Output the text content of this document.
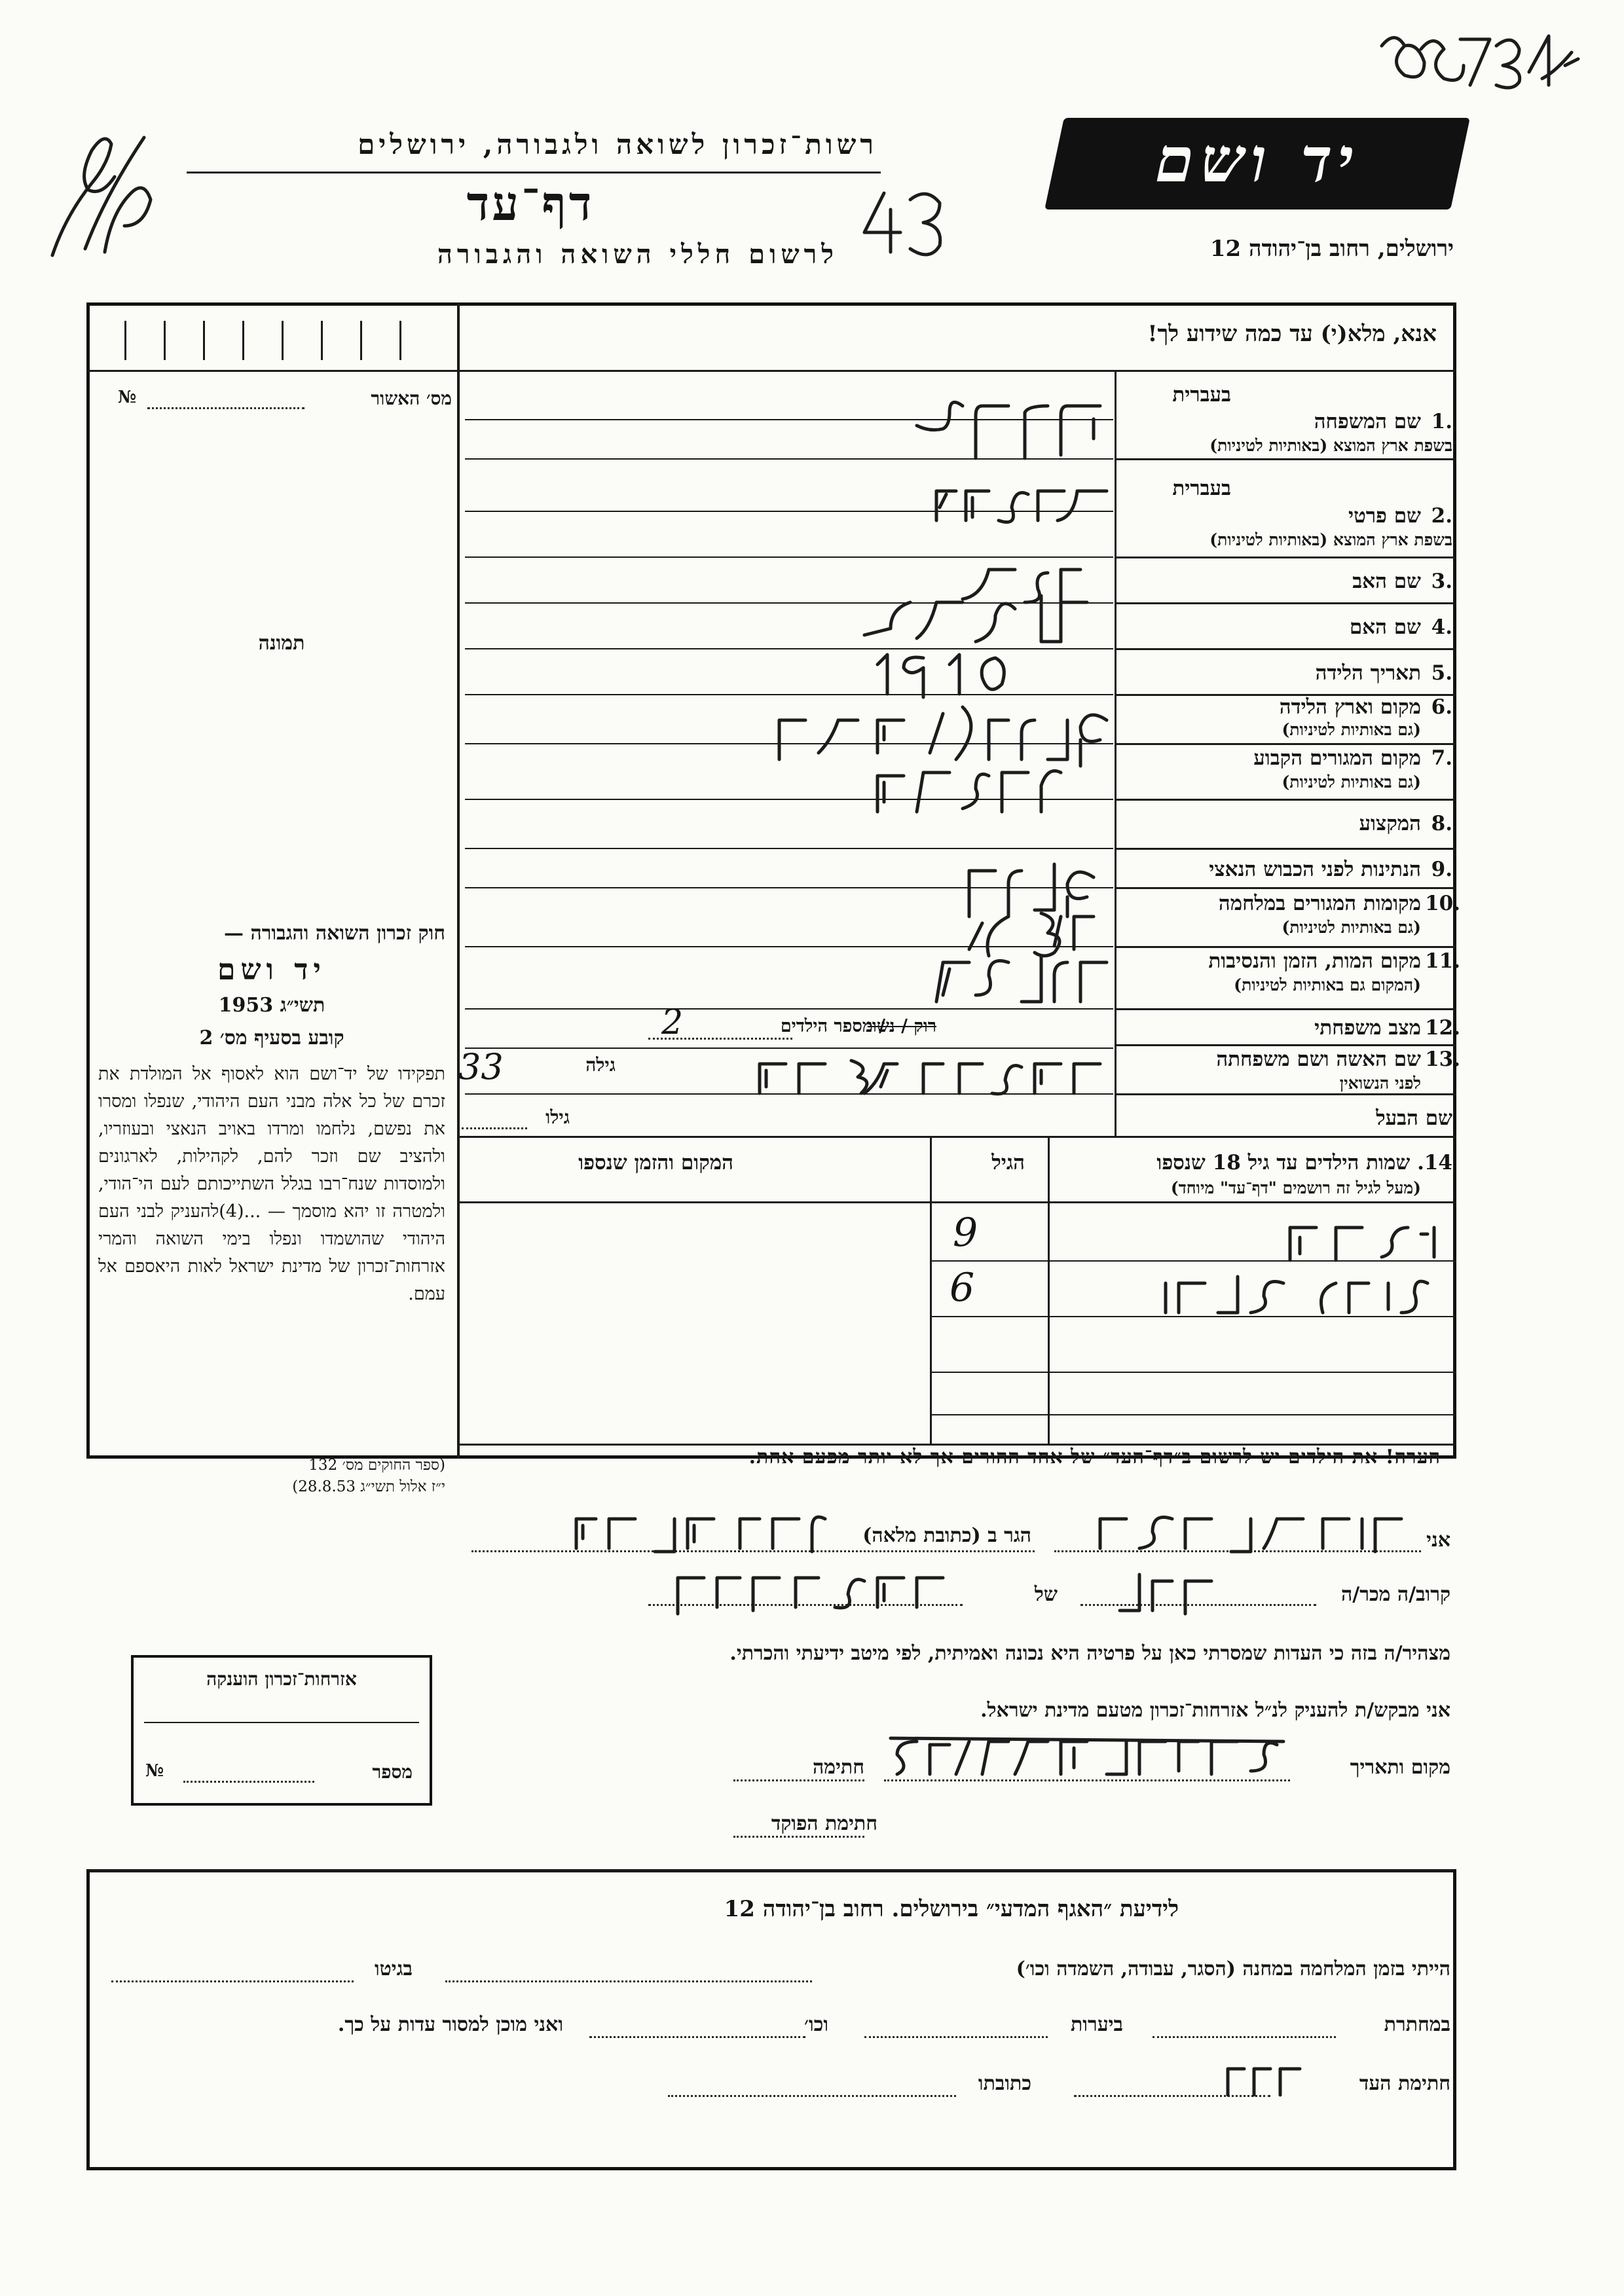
רשות־זכרון לשואה ולגבורה, ירושלים
דף־עד
לרשום חללי השואה והגבורה
יד ושם
ירושלים, רחוב בן־יהודה 12
אנא, מלא(י) עד כמה שידוע לך!
מס׳ האשור
№
תמונה
בעברית
1.
שם המשפחה
בשפת ארץ המוצא (באותיות לטיניות)
בעברית
2.
שם פרטי
בשפת ארץ המוצא (באותיות לטיניות)
3.
שם האב
4.
שם האם
5.
תאריך הלידה
6.
מקום וארץ הלידה
(גם באותיות לטיניות)
7.
מקום המגורים הקבוע
(גם באותיות לטיניות)
8.
המקצוע
9.
הנתינות לפני הכבוש הנאצי
10.
מקומות המגורים במלחמה
(גם באותיות לטיניות)
11.
מקום המות, הזמן והנסיבות
(המקום גם באותיות לטיניות)
12.
מצב משפחתי
13.
שם האשה ושם משפחתה
לפני הנשואין
שם הבעל
רוק / נשוי
/ מספר הילדים
2
גילה
33
גילו
14. שמות הילדים עד גיל 18 שנספו
(מעל לגיל זה רושמים "דף־עד" מיוחד)
הגיל
המקום והזמן שנספו
9
6
הערה! את הילדים יש לרשום ב״דף־העד״ של אחד ההורים אך לא יותר מפעם אחת.
חוק זכרון השואה והגבורה —
יד ושם
תשי״ג 1953
קובע בסעיף מס׳ 2
תפקידו של יד־ושם הוא לאסוף אל המולדת את זכרם של כל אלה מבני העם היהודי, שנפלו ומסרו את נפשם, נלחמו ומרדו באויב הנאצי ובעוזריו, ולהציב שם וזכר להם, לקהילות, לארגונים ולמוסדות שנח־רבו בגלל השתייכותם לעם הי־הודי, ולמטרה זו יהא מוסמך — ...(4)להעניק לבני העם היהודי שהושמדו ונפלו בימי השואה והמרי אזרחות־זכרון של מדינת ישראל לאות היאספם אל עמם.
(ספר החוקים מס׳ 132
י״ז אלול תשי״ג 28.8.53)
אני
הגר ב (כתובת מלאה)
קרוב/ה מכר/ה
של
מצהיר/ה בזה כי העדות שמסרתי כאן על פרטיה היא נכונה ואמיתית, לפי מיטב ידיעתי והכרתי.
אני מבקש/ת להעניק לנ״ל אזרחות־זכרון מטעם מדינת ישראל.
מקום ותאריך
חתימה
חתימת הפוקד
אזרחות־זכרון הוענקה
№	מספר
לידיעת ״האגף המדעי״ בירושלים. רחוב בן־יהודה 12
הייתי בזמן המלחמה במחנה (הסגר, עבודה, השמדה וכו׳)
בגיטו
במחתרת
ביערות
וכו׳
ואני מוכן למסור עדות על כך.
חתימת העד
כתובתו
